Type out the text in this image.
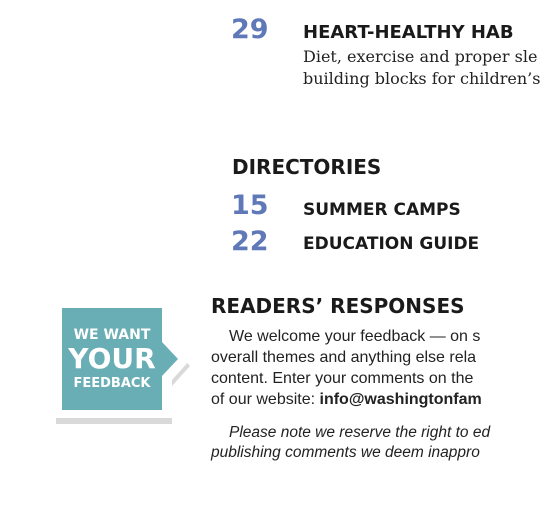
29 HEART-HEALTHY HAB
Diet, exercise and proper sle
building blocks for children’s
DIRECTORIES
15 SUMMER CAMPS
22 EDUCATION GUIDE
WE WANT
YOUR
FEEDBACK
READERS’ RESPONSES
We welcome your feedback — on s
overall themes and anything else rela
content. Enter your comments on the
of our website: info@washingtonfam
Please note we reserve the right to ed
publishing comments we deem inappro
